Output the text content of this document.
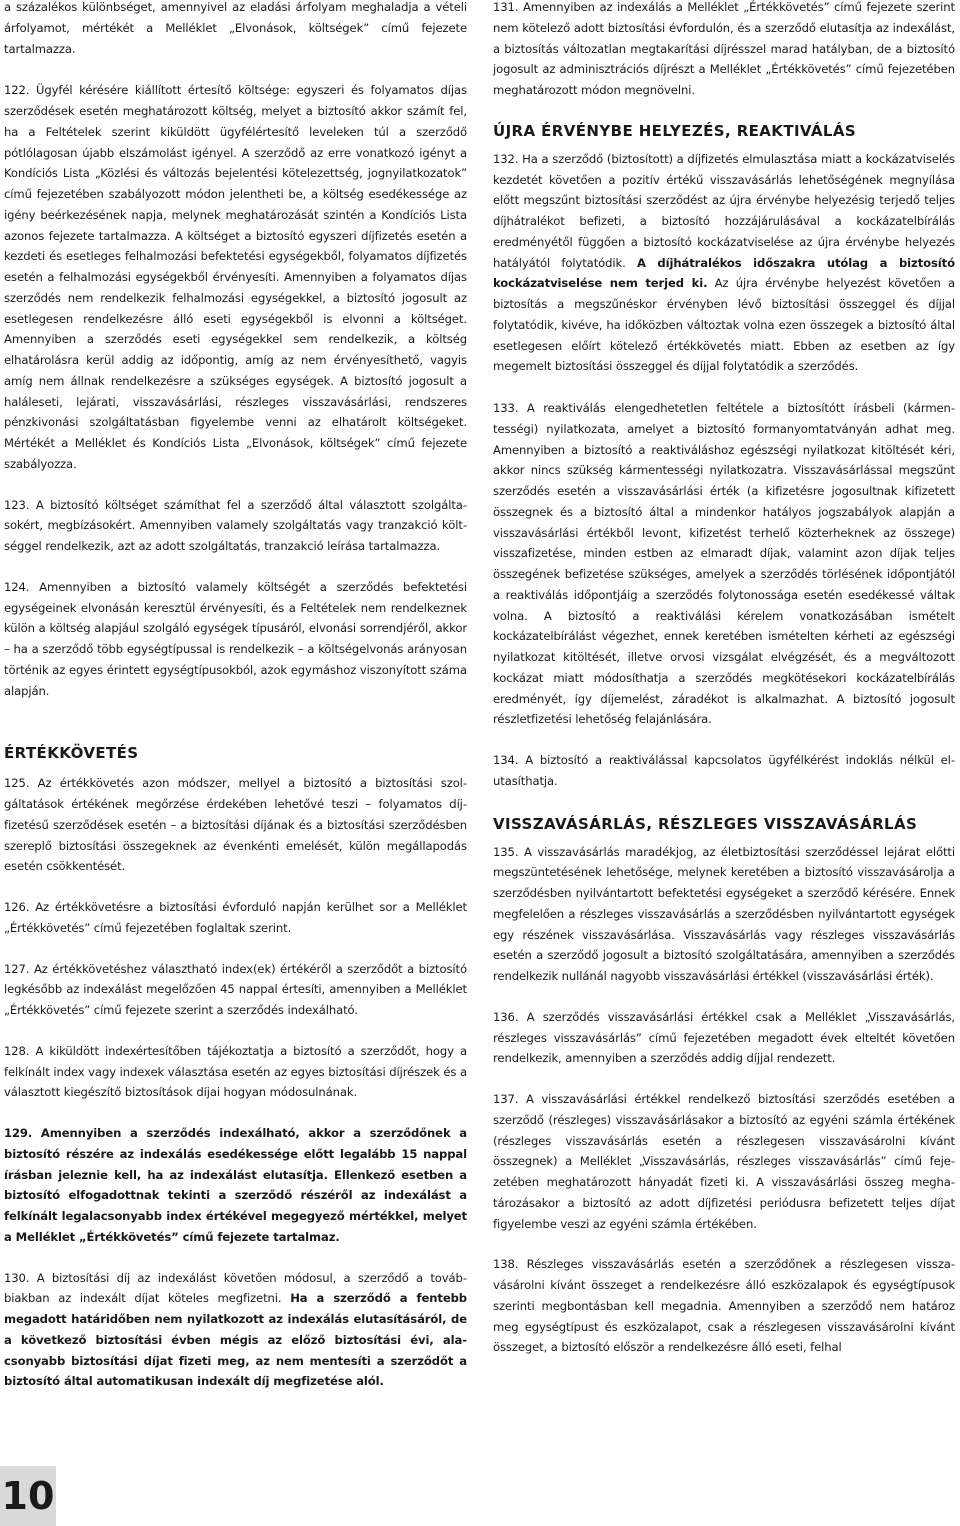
a százalékos különbséget, amennyivel az eladási árfolyam meghaladja a vételi árfolyamot, mértékét a Melléklet „Elvonások, költségek” című fejezete tartalmazza.

122. Ügyfél kérésére kiállított értesítő költsége: egyszeri és folyamatos díjas szerződések esetén meghatározott költség, melyet a biztosító akkor számít fel, ha a Feltételek szerint kiküldött ügyfélértesítő leveleken túl a szerződő pótlólagosan újabb elszámolást igényel. A szerződő az erre vonatkozó igényt a Kondíciós Lista „Közlési és változás bejelentési kötelezettség, jognyilatkozatok” című fejezetében szabályozott módon jelentheti be, a költség esedékessége az igény beérkezésének napja, melynek meghatározását szintén a Kondíciós Lista azonos fejezete tartalmazza. A költséget a biztosító egyszeri díjfizetés esetén a kezdeti és esetleges felhalmozási befektetési egységekből, folyamatos díjfizetés esetén a felhalmozási egységekből érvényesíti. Amennyiben a folyamatos díjas szerződés nem rendelkezik felhalmozási egységekkel, a biztosító jogosult az esetlegesen rendelkezésre álló eseti egységekből is elvonni a költséget. Amennyiben a szerződés eseti egységekkel sem rendelkezik, a költség elhatárolásra kerül addig az időpontig, amíg az nem érvényesíthető, vagyis amíg nem állnak rendelkezésre a szükséges egységek. A biztosító jogosult a haláleseti, lejárati, visszavásárlási, részleges visszavásárlási, rendszeres pénzkivonási szolgáltatásban figyelembe venni az elhatárolt költségeket. Mértékét a Melléklet és Kondíciós Lista „Elvonások, költségek” című fejezete szabályozza.

123. A biztosító költséget számíthat fel a szerződő által választott szolgáltasokért, megbízásokért. Amennyiben valamely szolgáltatás vagy tranzakció költséggel rendelkezik, azt az adott szolgáltatás, tranzakció leírása tartalmazza.

124. Amennyiben a biztosító valamely költségét a szerződés befektetési egységeinek elvonásán keresztül érvényesíti, és a Feltételek nem rendelkeznek külön a költség alapjául szolgáló egységek típusáról, elvonási sorrendjéről, akkor – ha a szerződő több egységtípussal is rendelkezik – a költségelvonás arányosan történik az egyes érintett egységtípusokból, azok egymáshoz viszonyított száma alapján.

ÉRTÉKKÖVETÉS

125. Az értékkövetés azon módszer, mellyel a biztosító a biztosítási szolgáltatások értékének megőrzése érdekében lehetővé teszi – folyamatos díjfizetésű szerződések esetén – a biztosítási díjának és a biztosítási szerződésben szereplő biztosítási összegeknek az évenkénti emelését, külön megállapodás esetén csökkentését.

126. Az értékkövetésre a biztosítási évforduló napján kerülhet sor a Melléklet „Értékkövetés” című fejezetében foglaltak szerint.

127. Az értékkövetéshez választható index(ek) értékéről a szerződőt a biztosító legkésőbb az indexálást megelőzően 45 nappal értesíti, amennyiben a Melléklet „Értékkövetés” című fejezete szerint a szerződés indexálható.

128. A kiküldött indexértesítőben tájékoztatja a biztosító a szerződőt, hogy a felkínált index vagy indexek választása esetén az egyes biztosítási díjrészek és a választott kiegészítő biztosítások díjai hogyan módosulnának.

129. Amennyiben a szerződés indexálható, akkor a szerződőnek a biztosító részére az indexálás esedékessége előtt legalább 15 nappal írásban jeleznie kell, ha az indexálást elutasítja. Ellenkező esetben a biztosító elfogadottnak tekinti a szerződő részéről az indexálást a felkínált legalacsonyabb index értékével megegyező mértékkel, melyet a Melléklet „Értékkövetés” című fejezete tartalmaz.

130. A biztosítási díj az indexálást követően módosul, a szerződő a továbbiakban az indexált díjat köteles megfizetni. Ha a szerződő a fentebb megadott határidőben nem nyilatkozott az indexálás elutasításáról, de a következő biztosítási évben mégis az előző biztosítási évi, alacsonyabb biztosítási díjat fizeti meg, az nem mentesíti a szerződőt a biztosító által automatikusan indexált díj megfizetése alól.

131. Amennyiben az indexálás a Melléklet „Értékkövetés” című fejezete szerint nem kötelező adott biztosítási évfordulón, és a szerződő elutasítja az indexálást, a biztosítás változatlan megtakarítási díjrésszel marad hatályban, de a biztosító jogosult az adminisztrációs díjrészt a Melléklet „Értékkövetés” című fejezetében meghatározott módon megnövelni.

ÚJRA ÉRVÉNYBE HELYEZÉS, REAKTIVÁLÁS

132. Ha a szerződő (biztosított) a díjfizetés elmulasztása miatt a kockázatviselés kezdetét követően a pozitív értékű visszavásárlás lehetőségének megnyílása előtt megszűnt biztosítási szerződést az újra érvénybe helyezésig terjedő teljes díjhátralékot befizeti, a biztosító hozzájárulásával a kockázatelbírálás eredményétől függően a biztosító kockázatviselése az újra érvénybe helyezés hatályától folytatódik. A díjhátralékos időszakra utólag a biztosító kockázatviselése nem terjed ki. Az újra érvénybe helyezést követően a biztosítás a megszűnéskor érvényben lévő biztosítási összeggel és díjjal folytatódik, kivéve, ha időközben változtak volna ezen összegek a biztosító által esetlegesen előírt kötelező értékkövetés miatt. Ebben az esetben az így megemelt biztosítási összeggel és díjjal folytatódik a szerződés.

133. A reaktiválás elengedhetetlen feltétele a biztosítótt írásbeli (kármentességi) nyilatkozata, amelyet a biztosító formanyomtatványán adhat meg. Amennyiben a biztosító a reaktiváláshoz egészségi nyilatkozat kitöltését kéri, akkor nincs szükség kármentességi nyilatkozatra. Visszavásárlással megszűnt szerződés esetén a visszavásárlási érték (a kifizetésre jogosultnak kifizetett összegnek és a biztosító által a mindenkor hatályos jogszabályok alapján a visszavásárlási értékből levont, kifizetést terhelő közterheknek az összege) visszafizetése, minden estben az elmaradt díjak, valamint azon díjak teljes összegének befizetése szükséges, amelyek a szerződés törlésének időpontjától a reaktiválás időpontjáig a szerződés folytonossága esetén esedékessé váltak volna. A biztosító a reaktiválási kérelem vonatkozásában ismételt kockázatelbírálást végezhet, ennek keretében ismételten kérheti az egészségi nyilatkozat kitöltését, illetve orvosi vizsgálat elvégzését, és a megváltozott kockázat miatt módosíthatja a szerződés megkötésekori kockázatelbírálás eredményét, így díjemelést, záradékot is alkalmazhat. A biztosító jogosult részletfizetési lehetőség felajánlására.

134. A biztosító a reaktiválással kapcsolatos ügyfélkérést indoklás nélkül elutasíthatja.

VISSZAVÁSÁRLÁS, RÉSZLEGES VISSZAVÁSÁRLÁS

135. A visszavásárlás maradékjog, az életbiztosítási szerződéssel lejárat előtti megszüntetésének lehetősége, melynek keretében a biztosító visszavásárolja a szerződésben nyilvántartott befektetési egységeket a szerződő kérésére. Ennek megfelelően a részleges visszavásárlás a szerződésben nyilvántartott egységek egy részének visszavásárlása. Visszavásárlás vagy részleges visszavásárlás esetén a szerződő jogosult a biztosító szolgáltatására, amennyiben a szerződés rendelkezik nullánál nagyobb visszavásárlási értékkel (visszavásárlási érték).

136. A szerződés visszavásárlási értékkel csak a Melléklet „Visszavásárlás, részleges visszavásárlás” című fejezetében megadott évek elteltét követően rendelkezik, amennyiben a szerződés addig díjjal rendezett.

137. A visszavásárlási értékkel rendelkező biztosítási szerződés esetében a szerződő (részleges) visszavásárlásakor a biztosító az egyéni számla értékének (részleges visszavásárlás esetén a részlegesen visszavásárolni kívánt összegnek) a Melléklet „Visszavásárlás, részleges visszavásárlás” című fejezetében meghatározott hányadát fizeti ki. A visszavásárlási összeg meghatározásakor a biztosító az adott díjfizetési periódusra befizetett teljes díjat figyelembe veszi az egyéni számla értékében.

138. Részleges visszavásárlás esetén a szerződőnek a részlegesen visszavásárolni kívánt összeget a rendelkezésre álló eszközalapok és egységtípusok szerinti megbontásban kell megadnia. Amennyiben a szerződő nem határoz meg egységtípust és eszközalapot, csak a részlegesen visszavásárolni kívánt összeget, a biztosító először a rendelkezésre álló eseti, felhal

10
